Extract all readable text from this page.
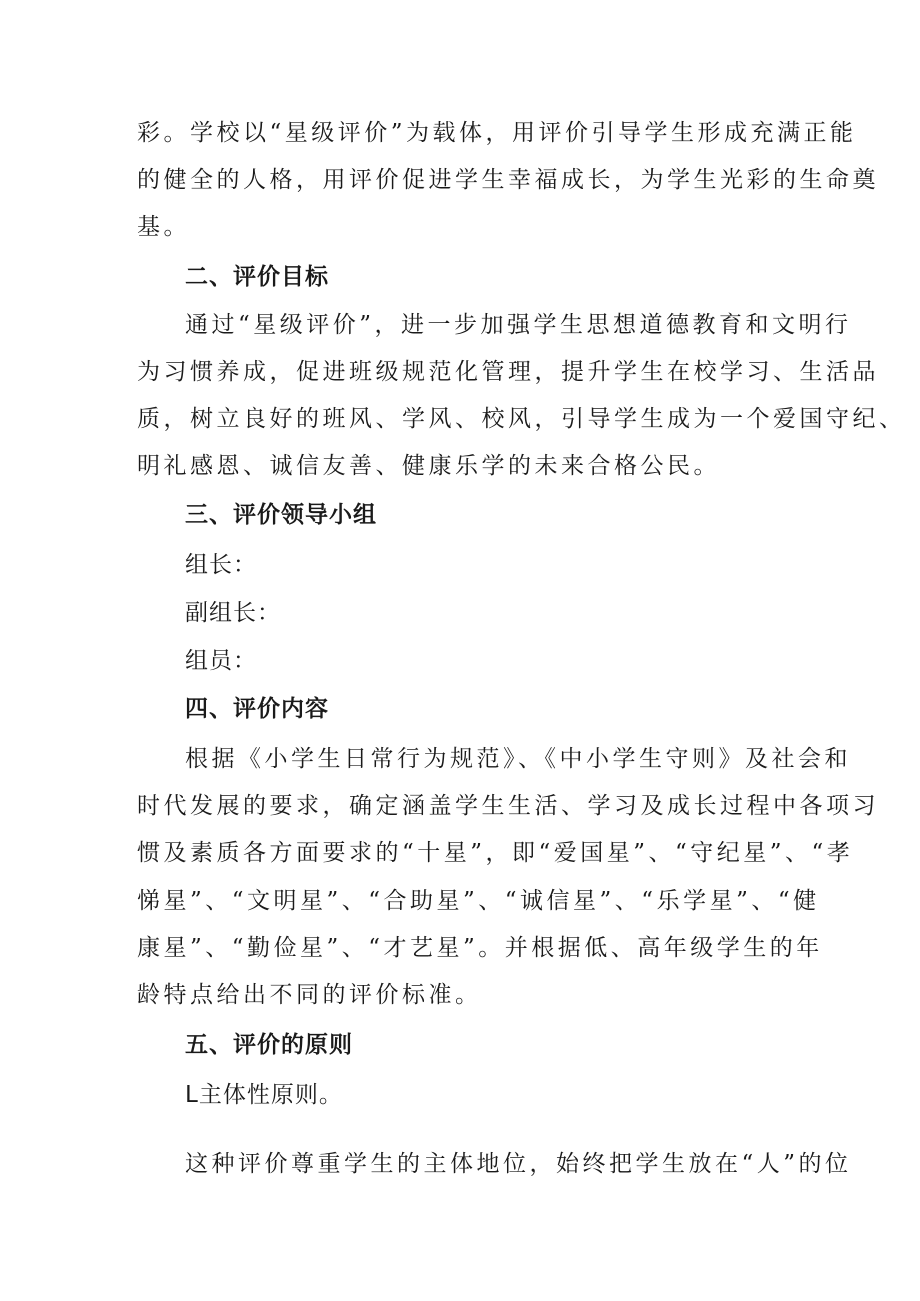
彩。学校以“星级评价”为载体，用评价引导学生形成充满正能
的健全的人格，用评价促进学生幸福成长，为学生光彩的生命奠
基。
二、评价目标
通过“星级评价”，进一步加强学生思想道德教育和文明行
为习惯养成，促进班级规范化管理，提升学生在校学习、生活品
质，树立良好的班风、学风、校风，引导学生成为一个爱国守纪、
明礼感恩、诚信友善、健康乐学的未来合格公民。
三、评价领导小组
组长：
副组长：
组员：
四、评价内容
根据《小学生日常行为规范》、《中小学生守则》及社会和
时代发展的要求，确定涵盖学生生活、学习及成长过程中各项习
惯及素质各方面要求的“十星”，即“爱国星”、“守纪星”、“孝
悌星”、“文明星”、“合助星”、“诚信星”、“乐学星”、“健
康星”、“勤俭星”、“才艺星”。并根据低、高年级学生的年
龄特点给出不同的评价标准。
五、评价的原则
L主体性原则。
这种评价尊重学生的主体地位，始终把学生放在“人”的位
